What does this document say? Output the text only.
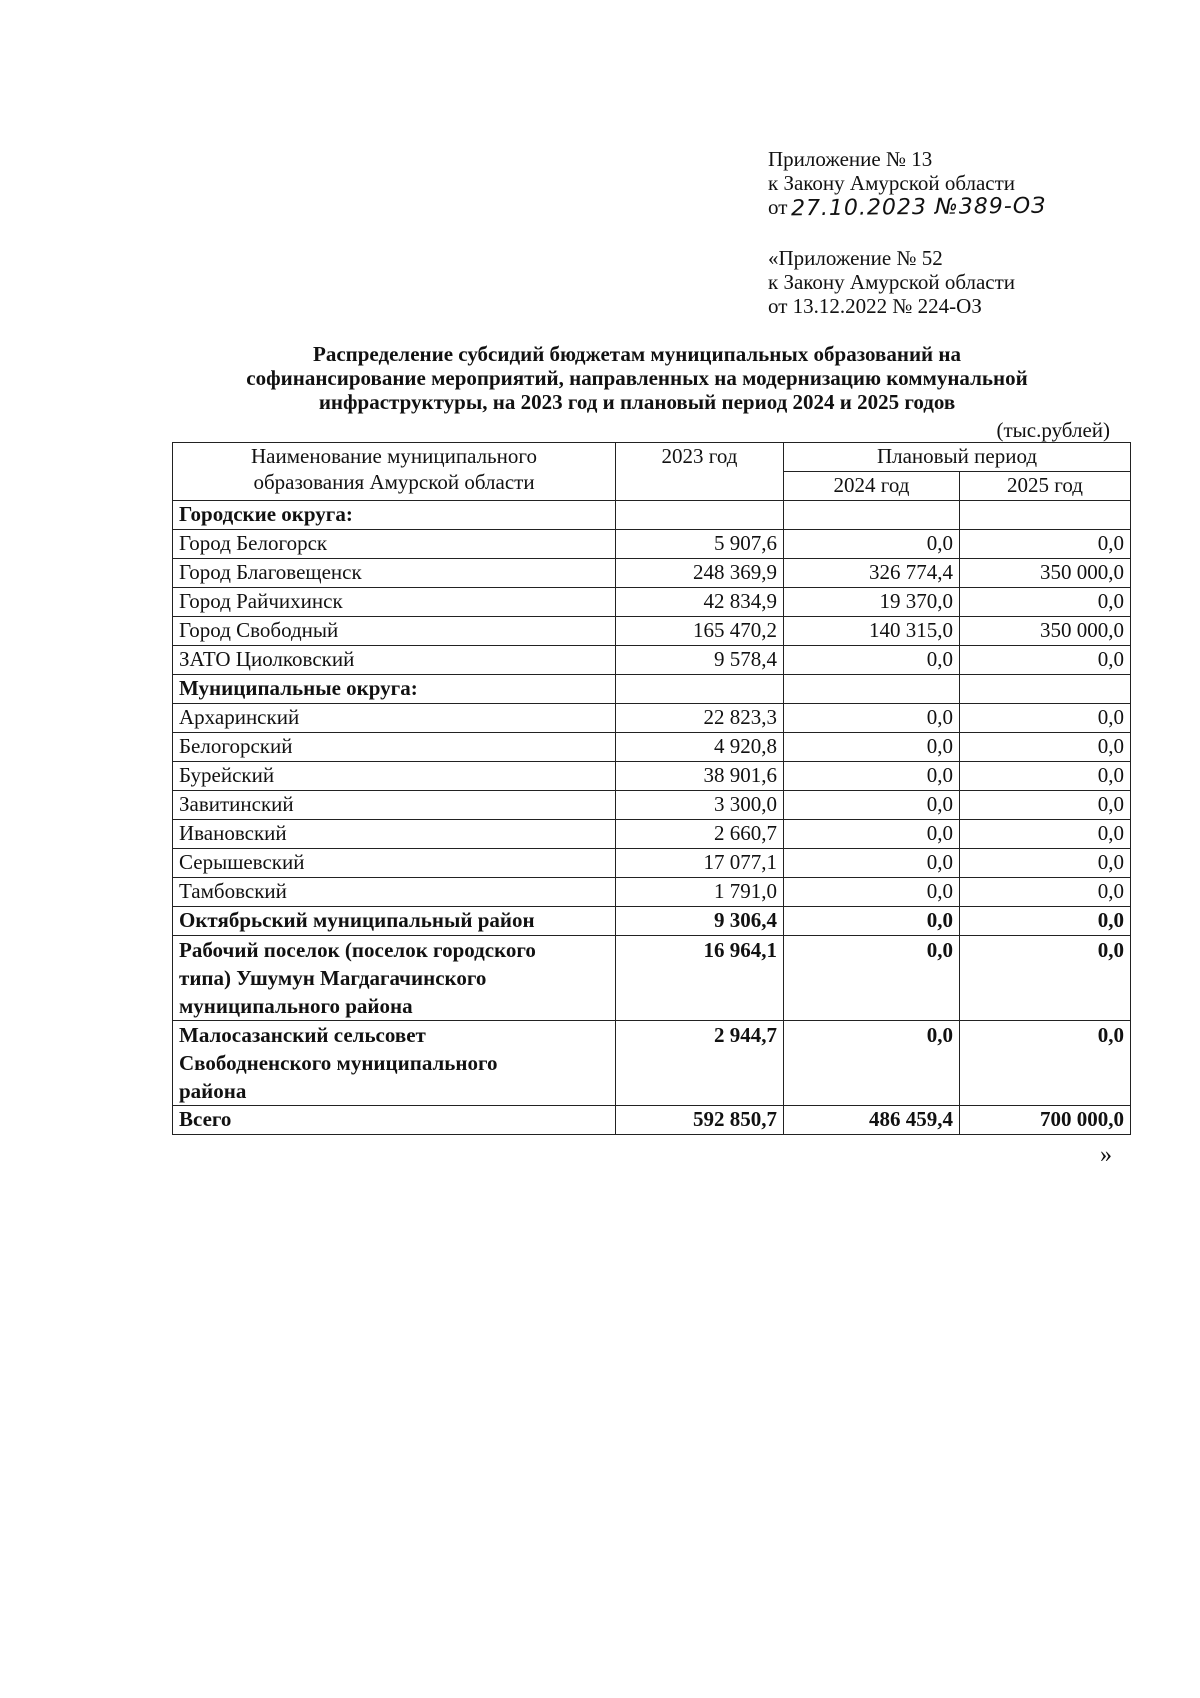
Приложение № 13
к Закону Амурской области
от 27.10.2023 №389-ОЗ
«Приложение № 52
к Закону Амурской области
от 13.12.2022 № 224-ОЗ
Распределение субсидий бюджетам муниципальных образований на
софинансирование мероприятий, направленных на модернизацию коммунальной
инфраструктуры, на 2023 год и плановый период 2024 и 2025 годов
(тыс.рублей)
Наименование муниципального
образования Амурской области	2023 год	Плановый период	
		2024 год	2025 год
Городские округа:			
Город Белогорск	5 907,6	0,0	0,0
Город Благовещенск	248 369,9	326 774,4	350 000,0
Город Райчихинск	42 834,9	19 370,0	0,0
Город Свободный	165 470,2	140 315,0	350 000,0
ЗАТО Циолковский	9 578,4	0,0	0,0
Муниципальные округа:			
Архаринский	22 823,3	0,0	0,0
Белогорский	4 920,8	0,0	0,0
Бурейский	38 901,6	0,0	0,0
Завитинский	3 300,0	0,0	0,0
Ивановский	2 660,7	0,0	0,0
Серышевский	17 077,1	0,0	0,0
Тамбовский	1 791,0	0,0	0,0
Октябрьский муниципальный район	9 306,4	0,0	0,0

Рабочий поселок (поселок городского
типа) Ушумун Магдагачинского
муниципального района	16 964,1	0,0	0,0

Малосазанский сельсовет
Свободненского муниципального
района	2 944,7	0,0	0,0
Всего	592 850,7	486 459,4	700 000,0
»
